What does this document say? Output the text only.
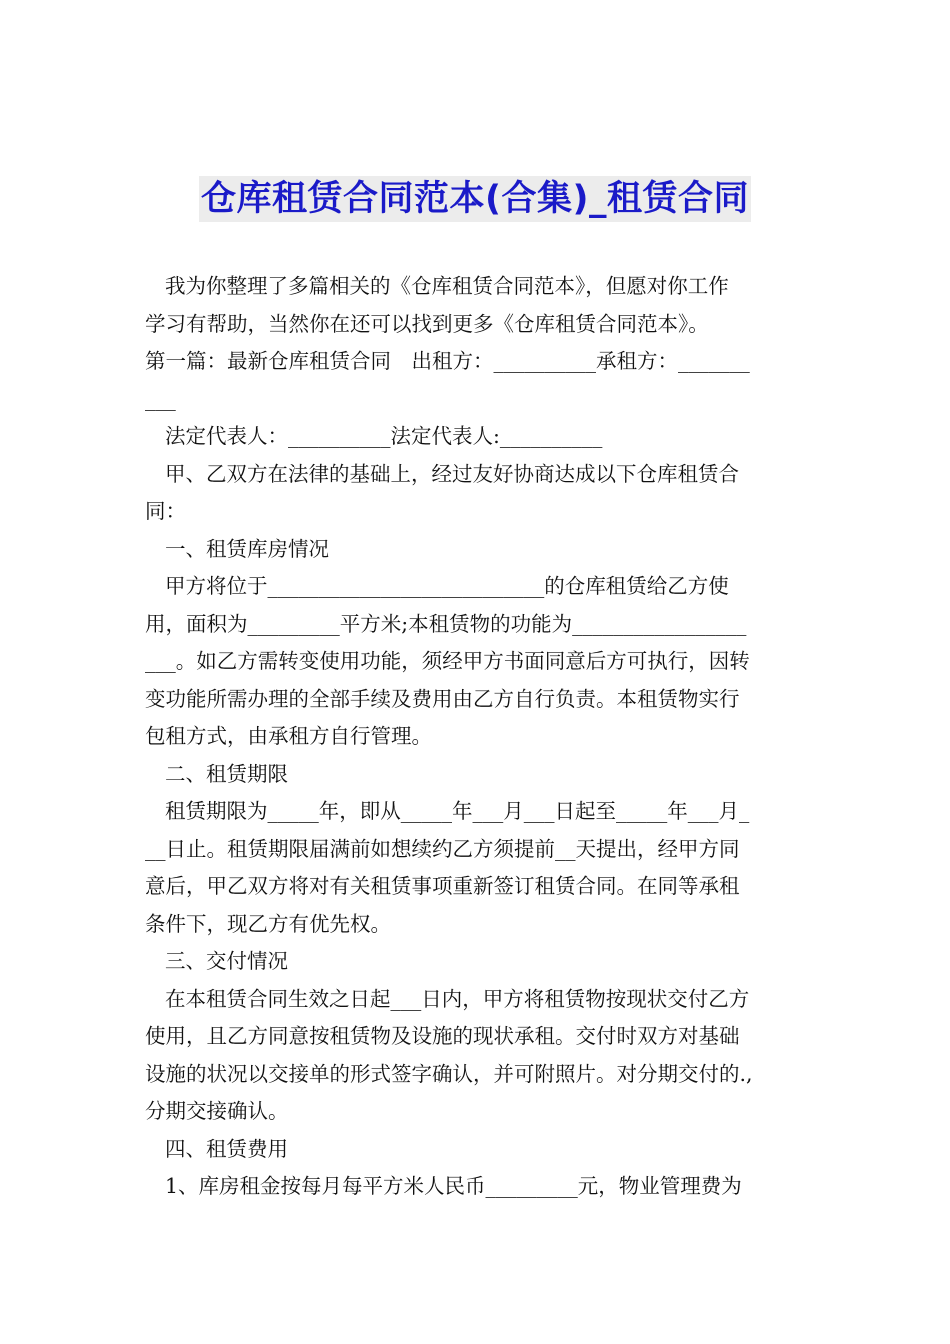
仓库租赁合同范本(合集)_租赁合同
我为你整理了多篇相关的《仓库租赁合同范本》，但愿对你工作
学习有帮助，当然你在还可以找到更多《仓库租赁合同范本》。
第一篇：最新仓库租赁合同　出租方：__________承租方：_______
___
法定代表人：__________法定代表人:__________
甲、乙双方在法律的基础上，经过友好协商达成以下仓库租赁合
同：
一、租赁库房情况
甲方将位于___________________________的仓库租赁给乙方使
用，面积为_________平方米;本租赁物的功能为_________________
___。如乙方需转变使用功能，须经甲方书面同意后方可执行，因转
变功能所需办理的全部手续及费用由乙方自行负责。本租赁物实行
包租方式，由承租方自行管理。
二、租赁期限
租赁期限为_____年，即从_____年___月___日起至_____年___月_
__日止。租赁期限届满前如想续约乙方须提前__天提出，经甲方同
意后，甲乙双方将对有关租赁事项重新签订租赁合同。在同等承租
条件下，现乙方有优先权。
三、交付情况
在本租赁合同生效之日起___日内，甲方将租赁物按现状交付乙方
使用，且乙方同意按租赁物及设施的现状承租。交付时双方对基础
设施的状况以交接单的形式签字确认，并可附照片。对分期交付的.,
分期交接确认。
四、租赁费用
1、库房租金按每月每平方米人民币_________元，物业管理费为
